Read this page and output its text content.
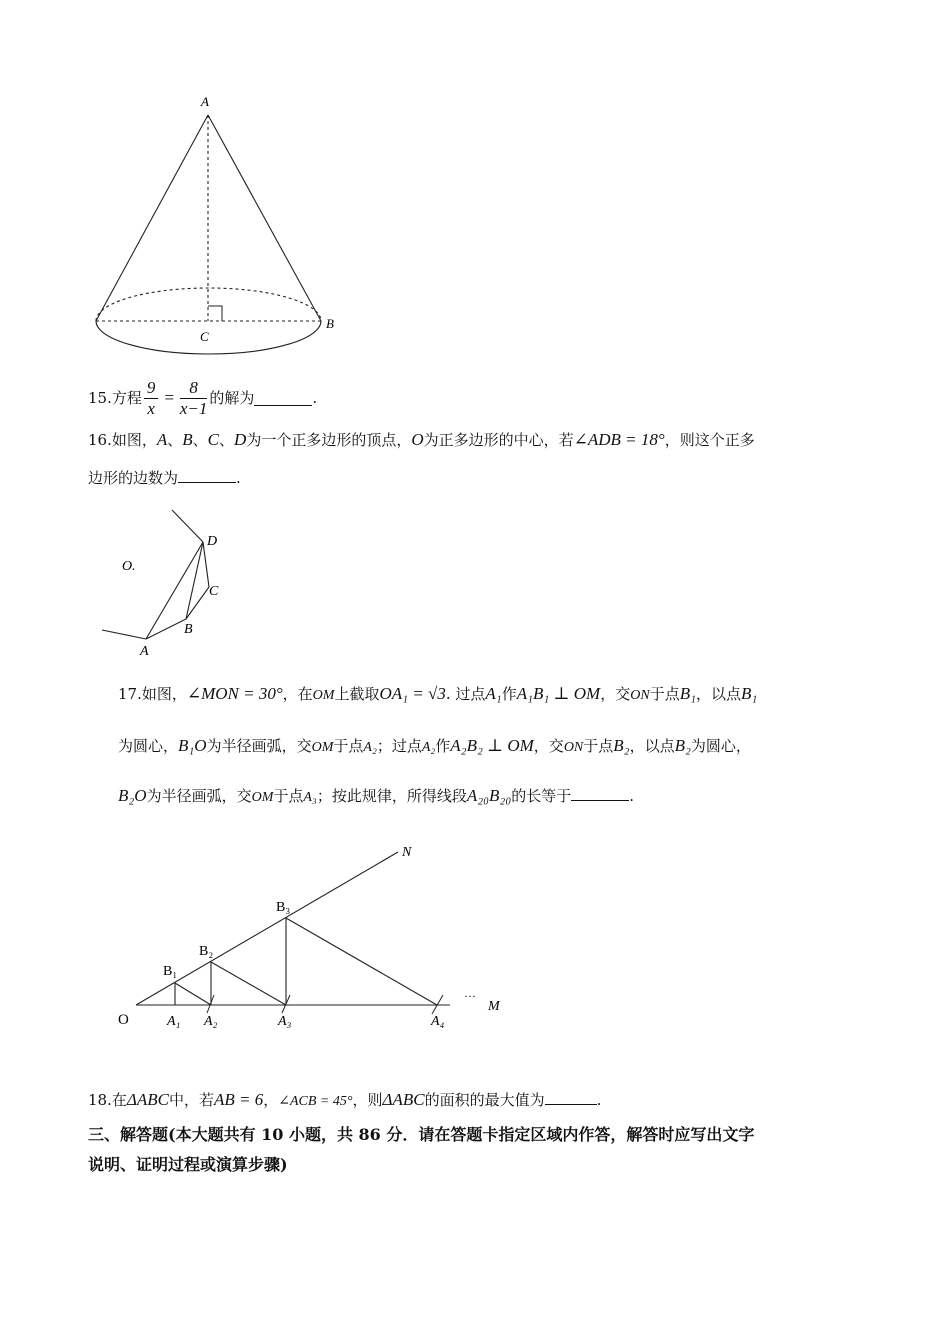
A
B
C
15.方程 $\frac{9}{x} = \frac{8}{x-1}$ 的解为	.
16.如图，A、B、C、D为一个正多边形的顶点，O为正多边形的中心，若∠ADB = 18°，则这个正多
边形的边数为	.
O.
D
C
B
A
17.如图，∠MON = 30°，在OM上截取OA₁ = √3. 过点A₁作A₁B₁ ⊥ OM，交ON于点B₁，以点B₁
为圆心，B₁O为半径画弧，交OM于点A₂；过点A₂作A₂B₂ ⊥ OM，交ON于点B₂，以点B₂为圆心，
B₂O为半径画弧，交OM于点A₃；按此规律，所得线段A₂₀B₂₀的长等于	.
N
···
M
O
B₁
B₂
B₃
A₁ A₂	A₃	A₄
18.在ΔABC中，若AB = 6，∠ACB = 45°，则ΔABC的面积的最大值为	.
三、解答题(本大题共有 10 小题，共 86 分．请在答题卡指定区域内作答，解答时应写出文字
说明、证明过程或演算步骤)
